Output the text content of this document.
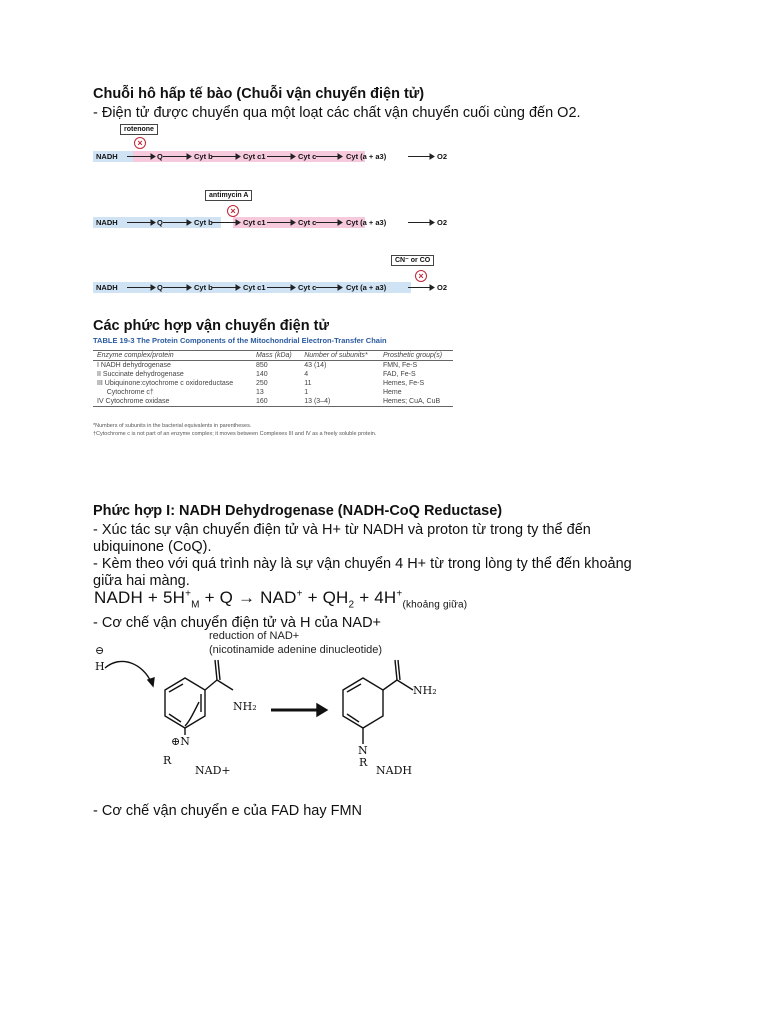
Chuỗi hô hấp tế bào (Chuỗi vận chuyển điện tử)
- Điện tử được chuyển qua một loạt các chất vận chuyển cuối cùng đến O2.
rotenone
×
NADH	Q	Cyt b	Cyt c1	Cyt c	Cyt (a + a3)	O2
antimycin A
×
NADH	Q	Cyt b	Cyt c1	Cyt c	Cyt (a + a3)	O2
CN⁻ or CO
×
NADH	Q	Cyt b	Cyt c1	Cyt c	Cyt (a + a3)	O2
Các phức hợp vận chuyển điện tử
TABLE 19-3 The Protein Components of the Mitochondrial Electron-Transfer Chain
Enzyme complex/protein	Mass (kDa)	Number of subunits*	Prosthetic group(s)
I NADH dehydrogenase	850	43 (14)	FMN, Fe-S
II Succinate dehydrogenase	140	4	FAD, Fe-S
III Ubiquinone:cytochrome c oxidoreductase	250	11	Hemes, Fe-S
Cytochrome c†	13	1	Heme
IV Cytochrome oxidase	160	13 (3–4)	Hemes; CuA, CuB
*Numbers of subunits in the bacterial equivalents in parentheses.
†Cytochrome c is not part of an enzyme complex; it moves between Complexes III and IV as a freely soluble protein.
Phức hợp I: NADH Dehydrogenase (NADH-CoQ Reductase)
- Xúc tác sự vận chuyển điện tử và H+ từ NADH và proton từ trong ty thể đến
ubiquinone (CoQ).
- Kèm theo với quá trình này là sự vận chuyển 4 H+ từ trong lòng ty thể đến khoảng
giữa hai màng.
NADH + $5H^+_M + Q \to NAD^+ + QH_2 + 4H^+_{(khoảng giữa)}$
- Cơ chế vận chuyển điện tử và H của NAD+
reduction of NAD+
(nicotinamide adenine dinucleotide)
⊖
H
NH₂
⊕N
R
NAD+
NH₂
N
R
NADH
- Cơ chế vận chuyển e của FAD hay FMN
